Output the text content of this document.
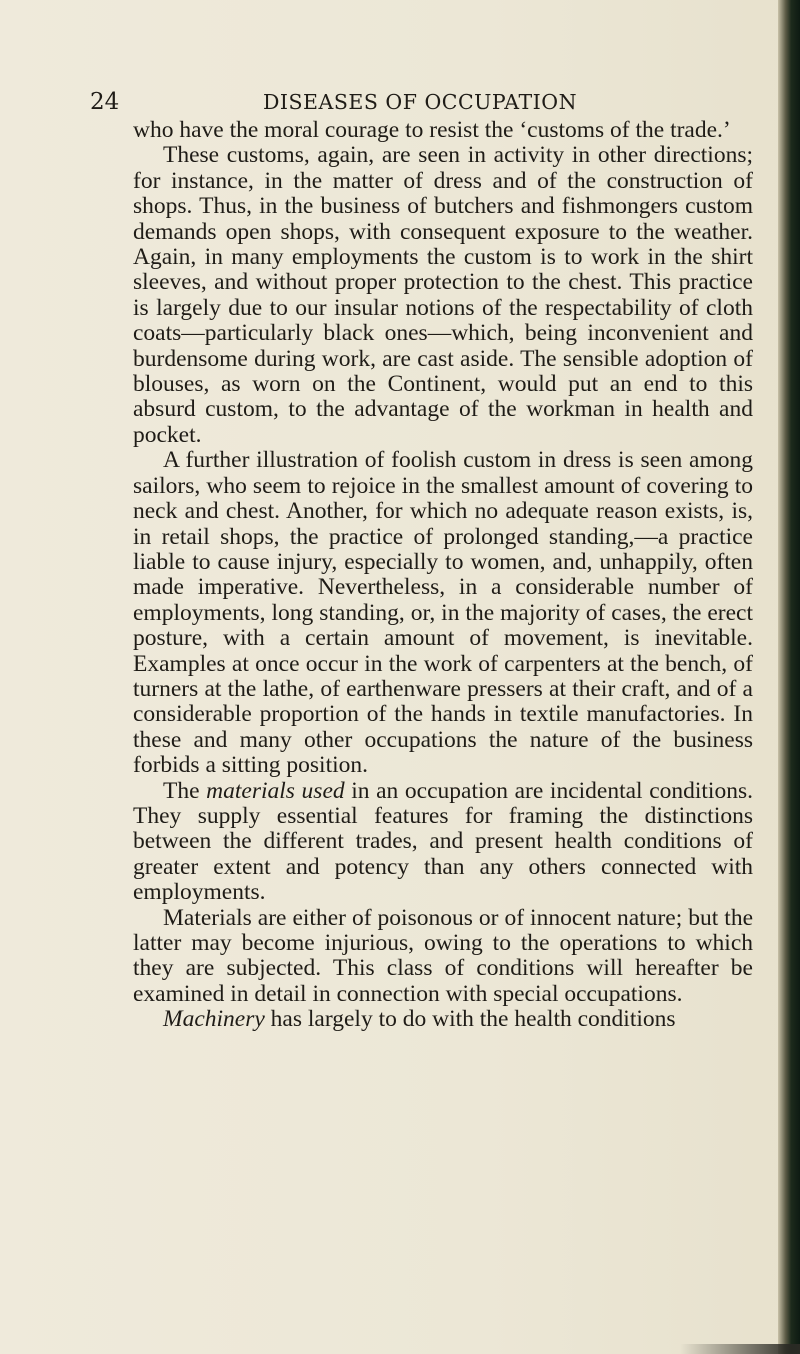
24	DISEASES OF OCCUPATION

who have the moral courage to resist the ‘customs of the trade.’

These customs, again, are seen in activity in other directions; for instance, in the matter of dress and of the construction of shops. Thus, in the business of butchers and fishmongers custom demands open shops, with consequent exposure to the weather. Again, in many employments the custom is to work in the shirt sleeves, and without proper protection to the chest. This practice is largely due to our insular notions of the respectability of cloth coats—particularly black ones—which, being inconvenient and burdensome during work, are cast aside. The sensible adoption of blouses, as worn on the Continent, would put an end to this absurd custom, to the advantage of the workman in health and pocket.

A further illustration of foolish custom in dress is seen among sailors, who seem to rejoice in the smallest amount of covering to neck and chest. Another, for which no adequate reason exists, is, in retail shops, the practice of prolonged standing,—a practice liable to cause injury, especially to women, and, unhappily, often made imperative. Nevertheless, in a considerable number of employments, long standing, or, in the majority of cases, the erect posture, with a certain amount of movement, is inevitable. Examples at once occur in the work of carpenters at the bench, of turners at the lathe, of earthenware pressers at their craft, and of a considerable proportion of the hands in textile manufactories. In these and many other occupations the nature of the business forbids a sitting position.

The materials used in an occupation are incidental conditions. They supply essential features for framing the distinctions between the different trades, and present health conditions of greater extent and potency than any others connected with employments.

Materials are either of poisonous or of innocent nature; but the latter may become injurious, owing to the operations to which they are subjected. This class of conditions will hereafter be examined in detail in connection with special occupations.

Machinery has largely to do with the health conditions
